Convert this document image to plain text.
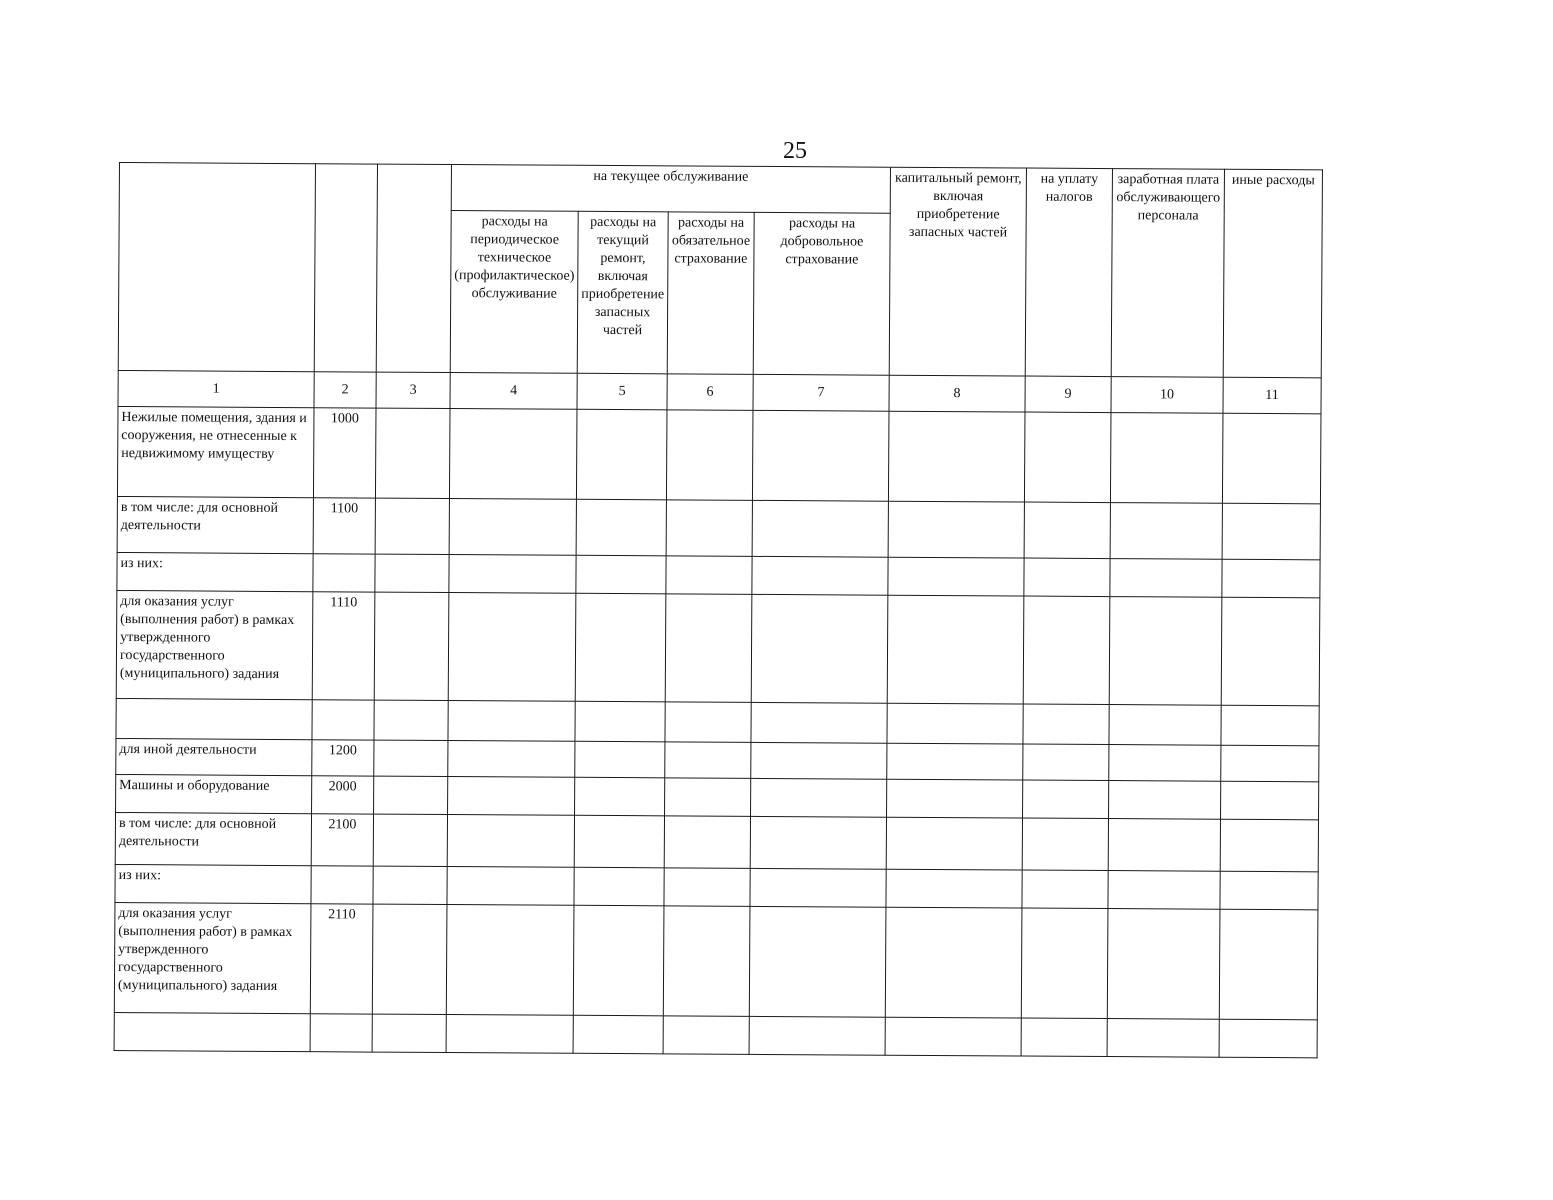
25
			на текущее обслуживание				капитальный ремонт, включая приобретение запасных частей	на уплату налогов	заработная плата обслуживающего персонала	иные расходы
			расходы на периодическое техническое (профилактическое) обслуживание	расходы на текущий ремонт, включая приобретение запасных частей	расходы на обязательное страхование	расходы на добровольное страхование				
1	2	3	4	5	6	7	8	9	10	11
Нежилые помещения, здания и сооружения, не отнесенные к недвижимому имуществу	1000									
в том числе: для основной деятельности	1100									
из них:										
для оказания услуг (выполнения работ) в рамках утвержденного государственного (муниципального) задания	1110									

для иной деятельности	1200									
Машины и оборудование	2000									
в том числе: для основной деятельности	2100									
из них:										
для оказания услуг (выполнения работ) в рамках утвержденного государственного (муниципального) задания	2110									
